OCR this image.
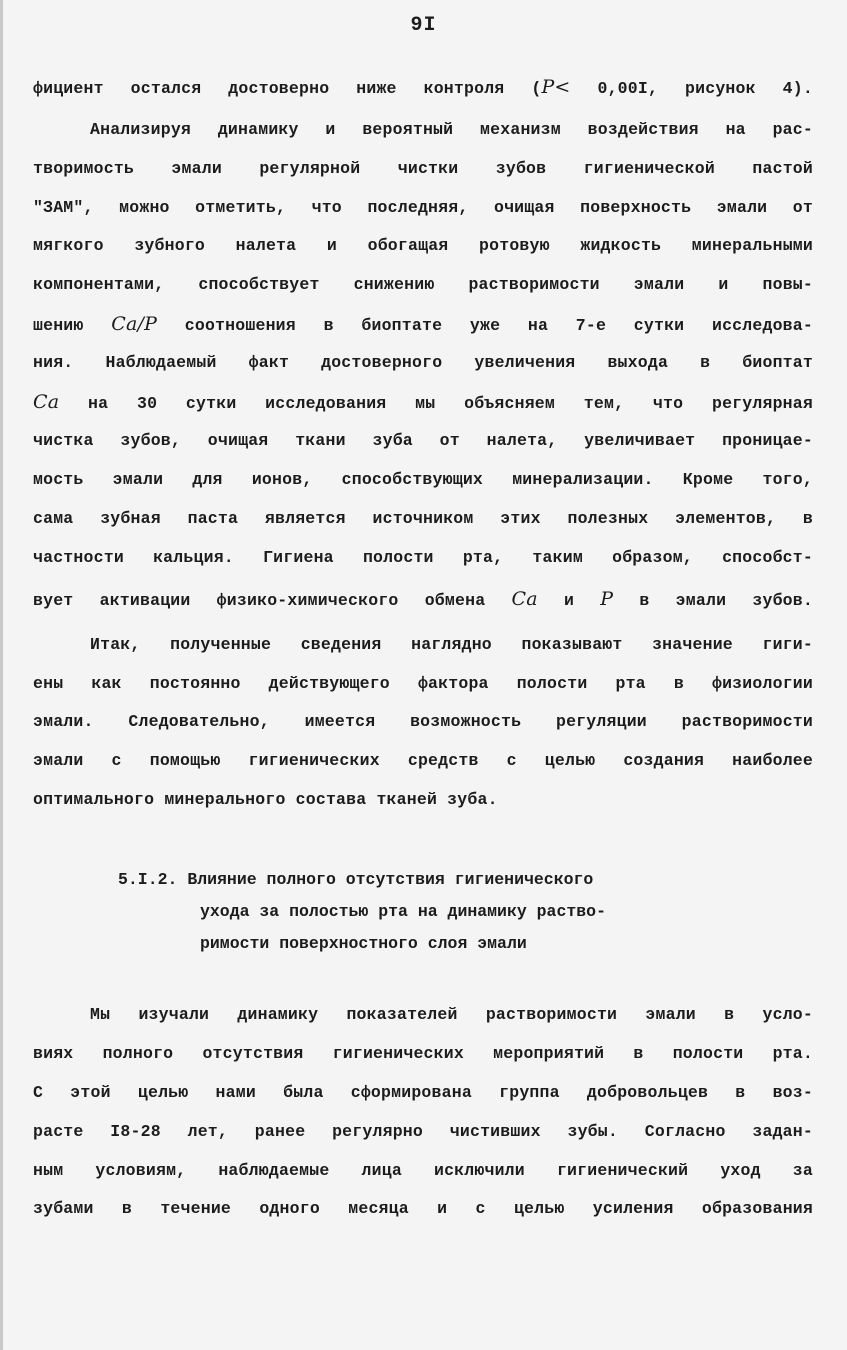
9I
фициент остался достоверно ниже контроля (P< 0,00I, рисунок 4).
Анализируя динамику и вероятный механизм воздействия на рас-
творимость эмали регулярной чистки зубов гигиенической пастой
"ЗАМ", можно отметить, что последняя, очищая поверхность эмали от
мягкого зубного налета и обогащая ротовую жидкость минеральными
компонентами, способствует снижению растворимости эмали и повы-
шению Ca/P соотношения в биоптате уже на 7-е сутки исследова-
ния. Наблюдаемый факт достоверного увеличения выхода в биоптат
Ca на 30 сутки исследования мы объясняем тем, что регулярная
чистка зубов, очищая ткани зуба от налета, увеличивает проницае-
мость эмали для ионов, способствующих минерализации. Кроме того,
сама зубная паста является источником этих полезных элементов, в
частности кальция. Гигиена полости рта, таким образом, способст-
вует активации физико-химического обмена Ca и P в эмали зубов.
Итак, полученные сведения наглядно показывают значение гиги-
ены как постоянно действующего фактора полости рта в физиологии
эмали. Следовательно, имеется возможность регуляции растворимости
эмали с помощью гигиенических средств с целью создания наиболее
оптимального минерального состава тканей зуба.
5.I.2. Влияние полного отсутствия гигиенического
ухода за полостью рта на динамику раство-
римости поверхностного слоя эмали
Мы изучали динамику показателей растворимости эмали в усло-
виях полного отсутствия гигиенических мероприятий в полости рта.
С этой целью нами была сформирована группа добровольцев в воз-
расте I8-28 лет, ранее регулярно чистивших зубы. Согласно задан-
ным условиям, наблюдаемые лица исключили гигиенический уход за
зубами в течение одного месяца и с целью усиления образования
